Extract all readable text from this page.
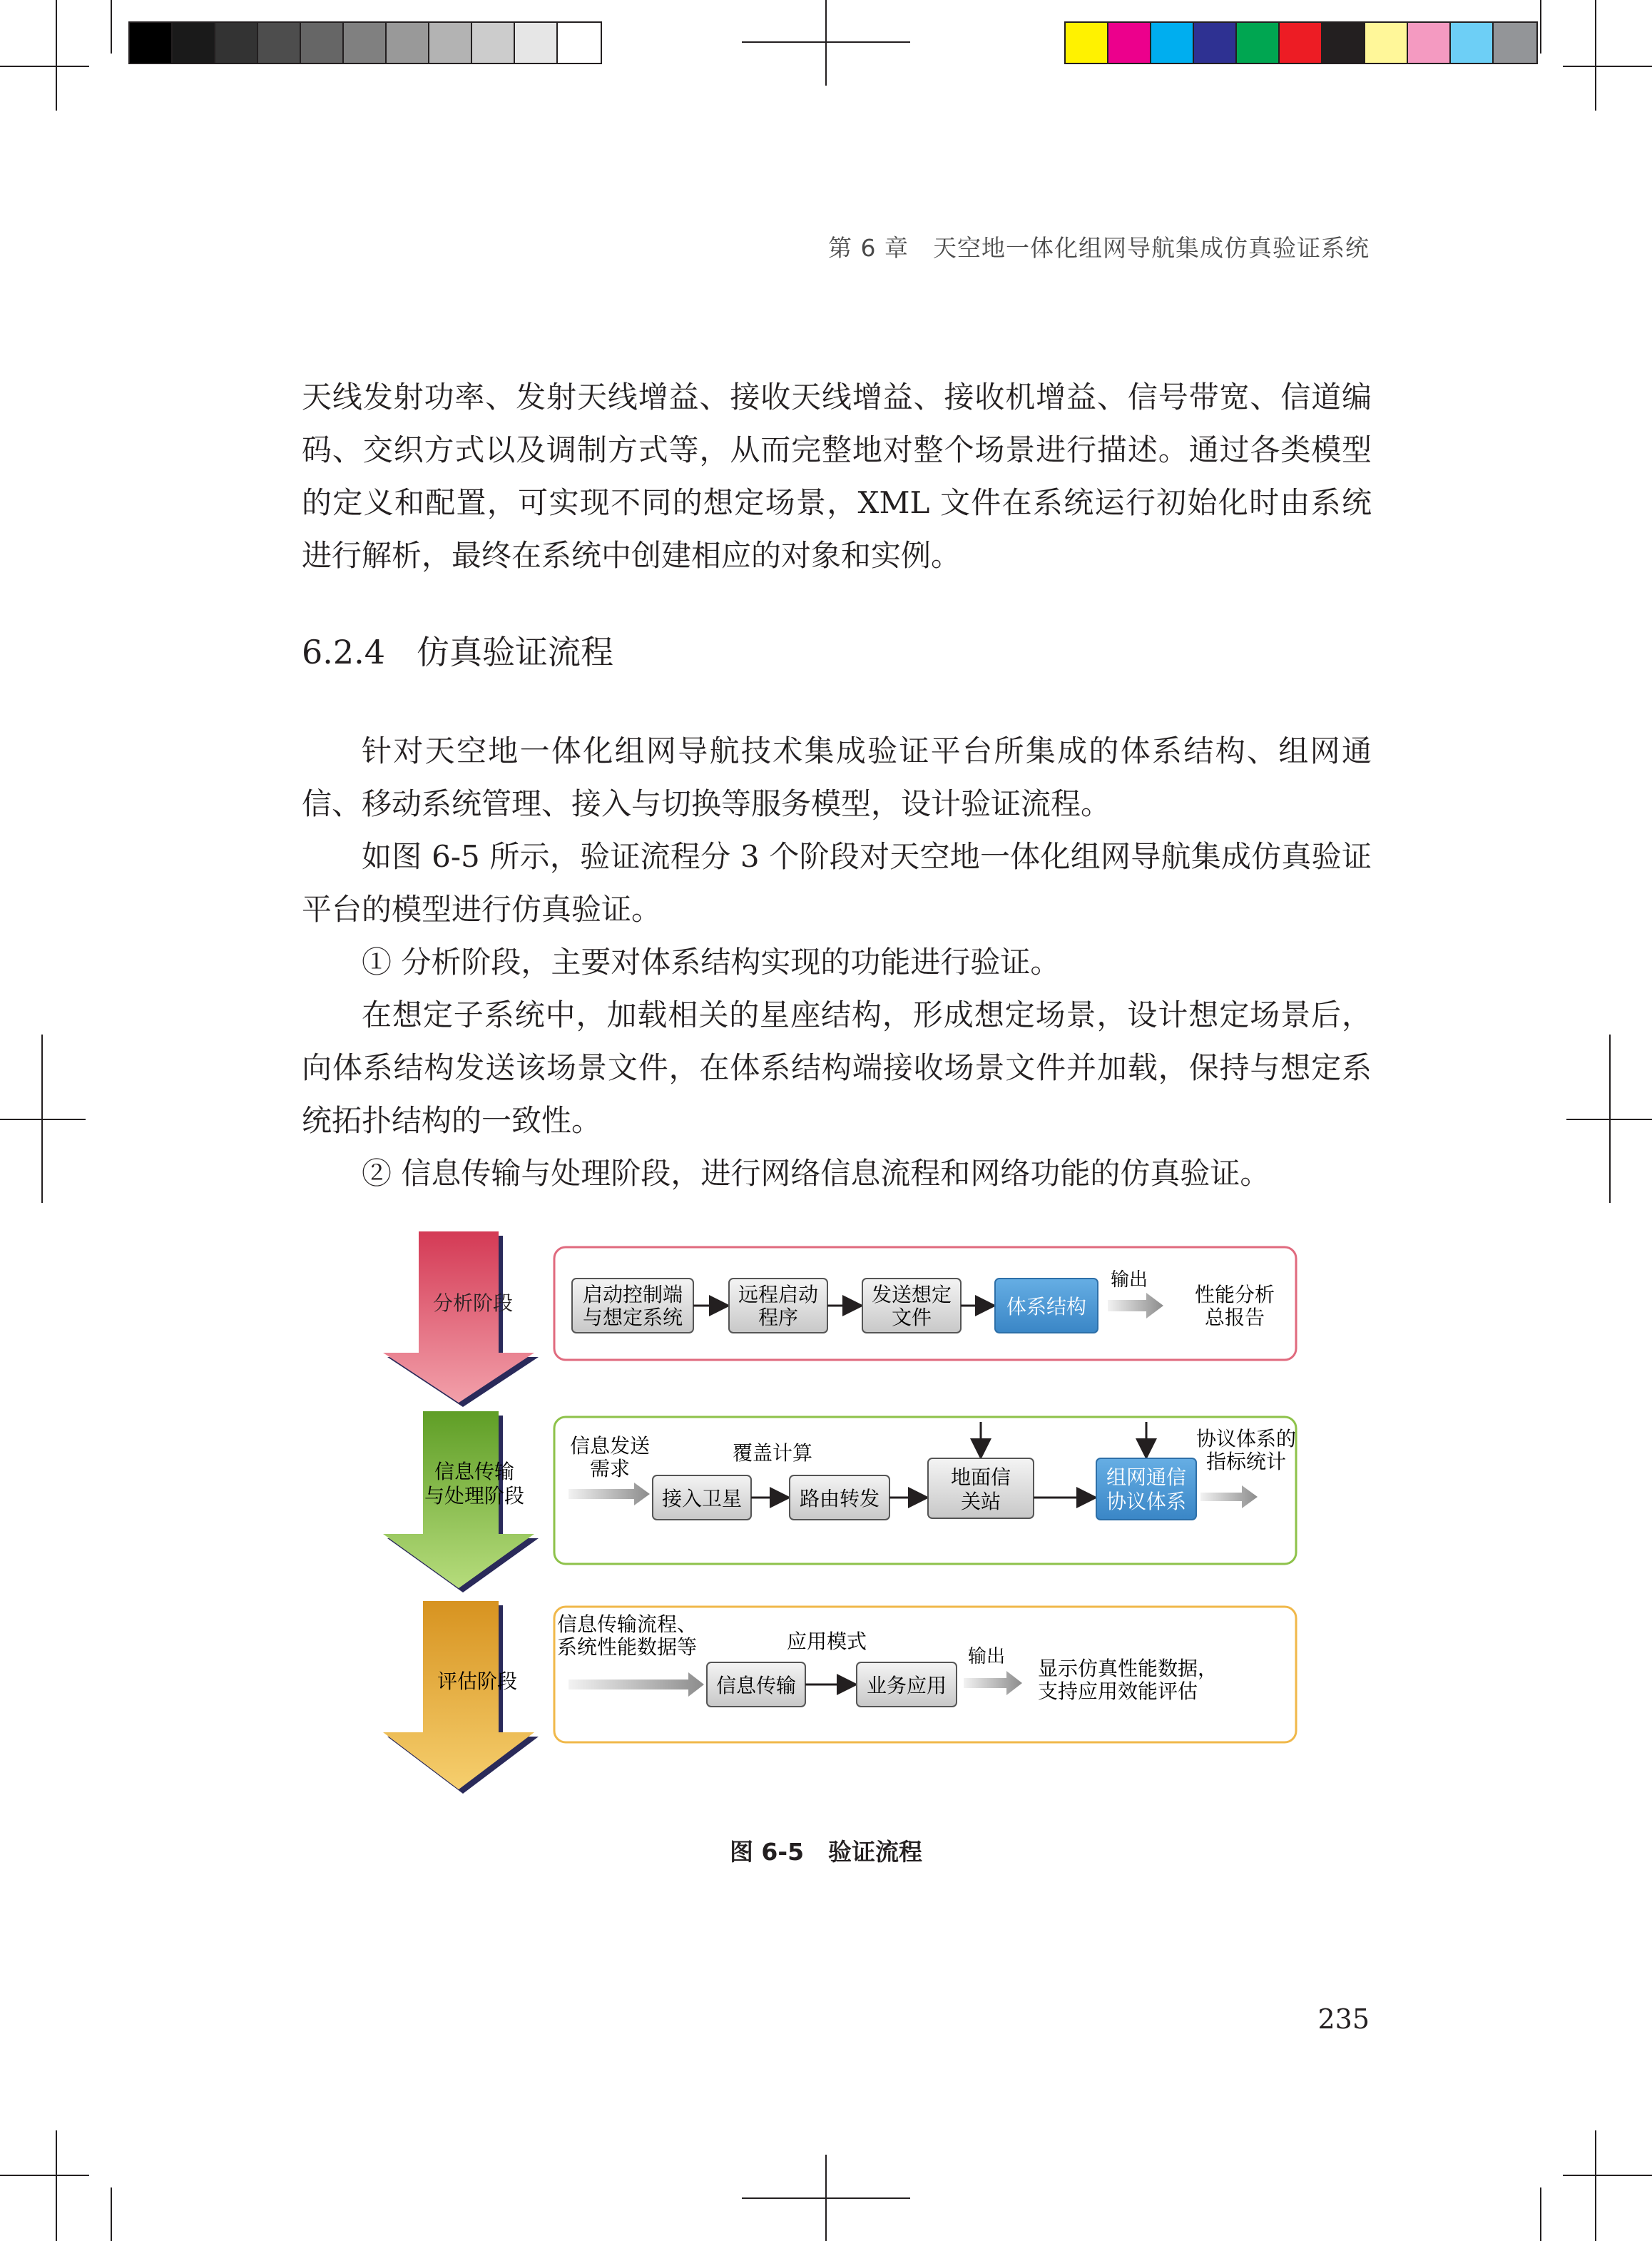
第 6 章　天空地一体化组网导航集成仿真验证系统

天线发射功率、发射天线增益、接收天线增益、接收机增益、信号带宽、信道编码、交织方式以及调制方式等，从而完整地对整个场景进行描述。通过各类模型的定义和配置，可实现不同的想定场景，XML 文件在系统运行初始化时由系统进行解析，最终在系统中创建相应的对象和实例。

6.2.4 仿真验证流程

针对天空地一体化组网导航技术集成验证平台所集成的体系结构、组网通信、移动系统管理、接入与切换等服务模型，设计验证流程。

如图 6-5 所示，验证流程分 3 个阶段对天空地一体化组网导航集成仿真验证平台的模型进行仿真验证。

① 分析阶段，主要对体系结构实现的功能进行验证。

在想定子系统中，加载相关的星座结构，形成想定场景，设计想定场景后，向体系结构发送该场景文件，在体系结构端接收场景文件并加载，保持与想定系统拓扑结构的一致性。

② 信息传输与处理阶段，进行网络信息流程和网络功能的仿真验证。

分析阶段	启动控制端
与想定系统
远程启动
程序
发送想定
文件	体系结构
输出
性能分析
总报告
信息传输
与处理阶段
信息发送
需求
覆盖计算
接入卫星	路由转发
地面信
关站
组网通信
协议体系
协议体系的
指标统计
评估阶段
信息传输流程、
系统性能数据等	应用模式
信息传输	业务应用
输出 显示仿真性能数据，
支持应用效能评估
图 6-5 验证流程
235
